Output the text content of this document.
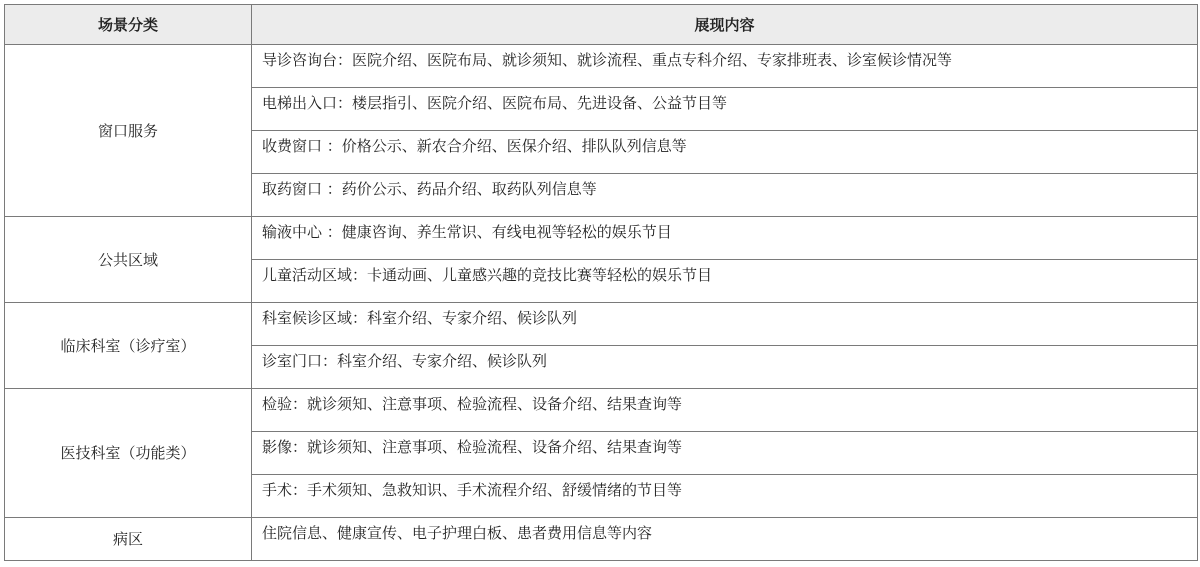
场景分类	展现内容
窗口服务	导诊咨询台：医院介绍、医院布局、就诊须知、就诊流程、重点专科介绍、专家排班表、诊室候诊情况等
	电梯出入口：楼层指引、医院介绍、医院布局、先进设备、公益节目等
	收费窗口 ：价格公示、新农合介绍、医保介绍、排队队列信息等
	取药窗口 ：药价公示、药品介绍、取药队列信息等
公共区域	输液中心 ：健康咨询、养生常识、有线电视等轻松的娱乐节目
	儿童活动区域：卡通动画、儿童感兴趣的竞技比赛等轻松的娱乐节目
临床科室（诊疗室）	科室候诊区域：科室介绍、专家介绍、候诊队列
	诊室门口：科室介绍、专家介绍、候诊队列
医技科室（功能类）	检验：就诊须知、注意事项、检验流程、设备介绍、结果查询等
	影像：就诊须知、注意事项、检验流程、设备介绍、结果查询等
	手术：手术须知、急救知识、手术流程介绍、舒缓情绪的节目等
病区	住院信息、健康宣传、电子护理白板、患者费用信息等内容
